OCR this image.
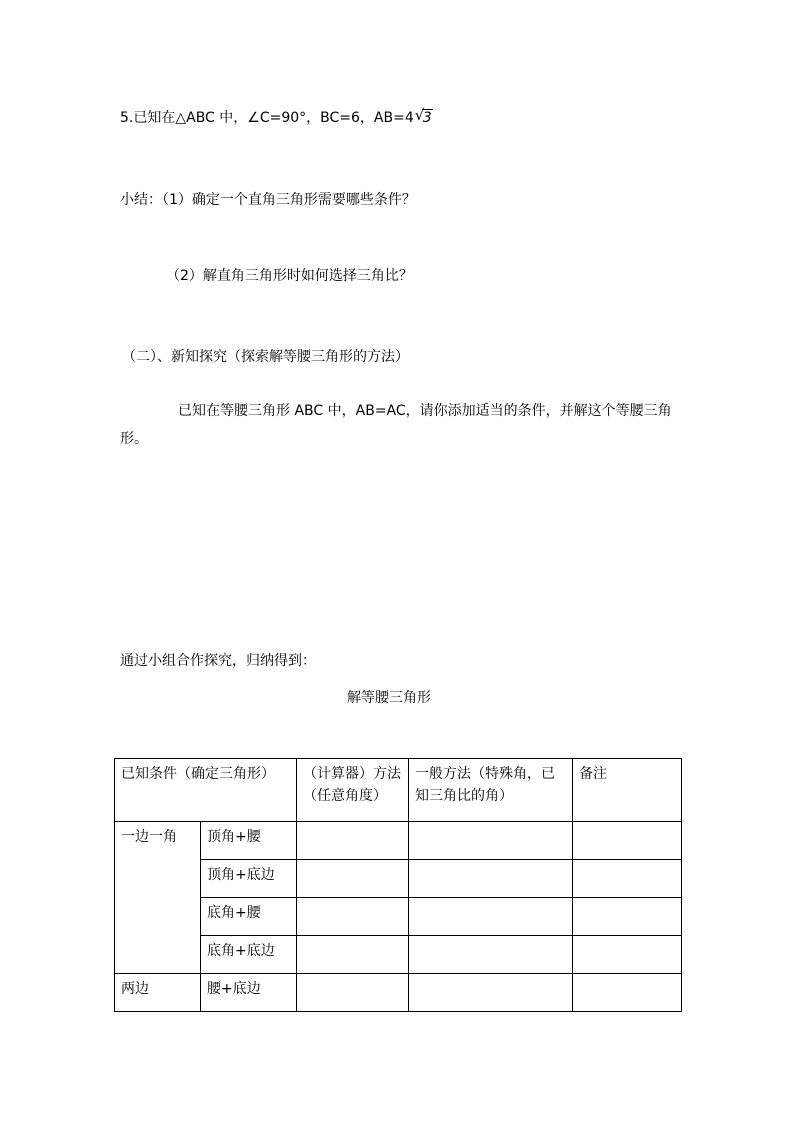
5.已知在△ABC 中，∠C=90°，BC=6，AB=4 √
3
小结：（1）确定一个直角三角形需要哪些条件？
（2）解直角三角形时如何选择三角比？
（二）、新知探究（探索解等腰三角形的方法）
已知在等腰三角形 ABC 中，AB=AC，请你添加适当的条件，并解这个等腰三角形。
通过小组合作探究，归纳得到：
解等腰三角形
已知条件（确定三角形）		（计算器）方法（任意角度）	一般方法（特殊角，已知三角比的角）	备注
一边一角	顶角+腰			
	顶角+底边			
	底角+腰			
	底角+底边			
两边	腰+底边			
